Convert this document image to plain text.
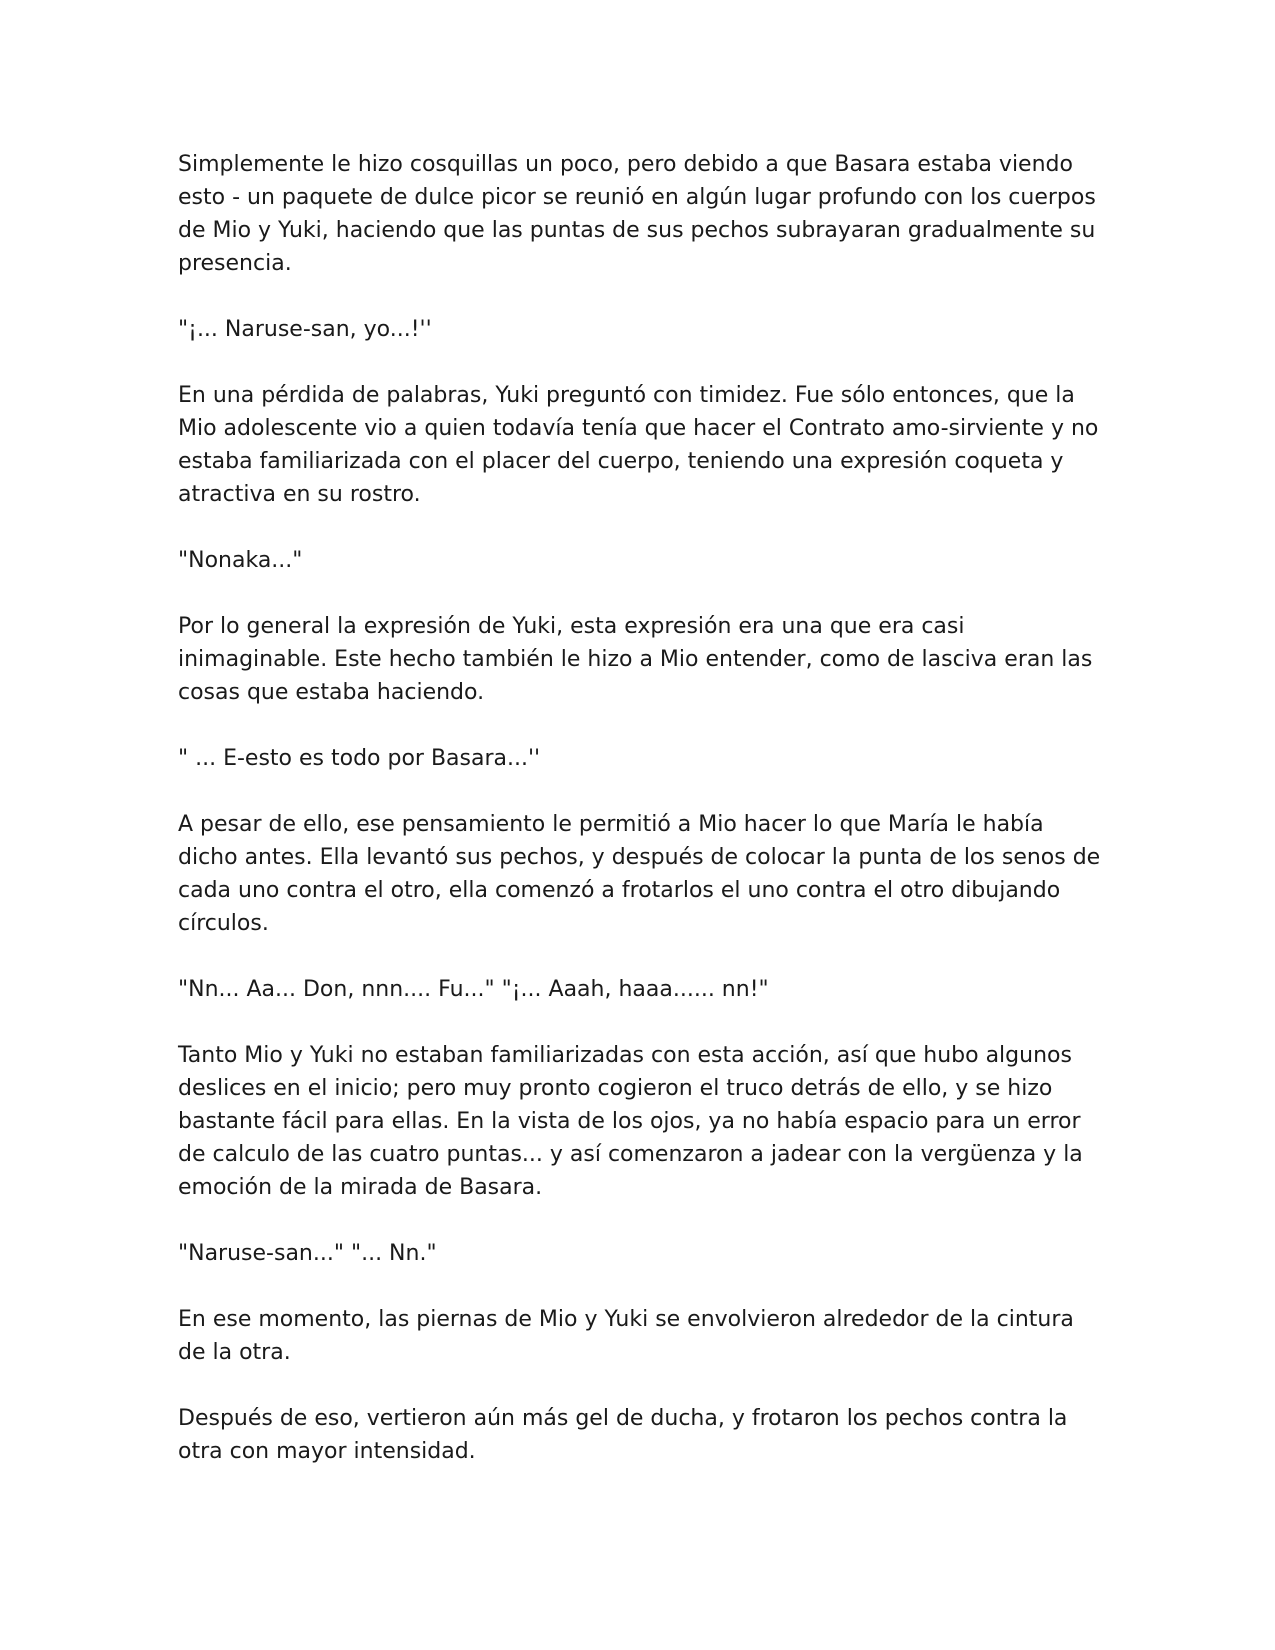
Simplemente le hizo cosquillas un poco, pero debido a que Basara estaba viendo esto - un paquete de dulce picor se reunió en algún lugar profundo con los cuerpos de Mio y Yuki, haciendo que las puntas de sus pechos subrayaran gradualmente su presencia.

"¡... Naruse-san, yo...!''

En una pérdida de palabras, Yuki preguntó con timidez. Fue sólo entonces, que la Mio adolescente vio a quien todavía tenía que hacer el Contrato amo-sirviente y no estaba familiarizada con el placer del cuerpo, teniendo una expresión coqueta y atractiva en su rostro.

"Nonaka..."

Por lo general la expresión de Yuki, esta expresión era una que era casi inimaginable. Este hecho también le hizo a Mio entender, como de lasciva eran las cosas que estaba haciendo.

" ... E-esto es todo por Basara...''

A pesar de ello, ese pensamiento le permitió a Mio hacer lo que María le había dicho antes. Ella levantó sus pechos, y después de colocar la punta de los senos de cada uno contra el otro, ella comenzó a frotarlos el uno contra el otro dibujando círculos.

"Nn... Aa... Don, nnn.... Fu..." "¡... Aaah, haaa...... nn!"

Tanto Mio y Yuki no estaban familiarizadas con esta acción, así que hubo algunos deslices en el inicio; pero muy pronto cogieron el truco detrás de ello, y se hizo bastante fácil para ellas. En la vista de los ojos, ya no había espacio para un error de calculo de las cuatro puntas... y así comenzaron a jadear con la vergüenza y la emoción de la mirada de Basara.

"Naruse-san..." "... Nn."

En ese momento, las piernas de Mio y Yuki se envolvieron alrededor de la cintura de la otra.

Después de eso, vertieron aún más gel de ducha, y frotaron los pechos contra la otra con mayor intensidad.
